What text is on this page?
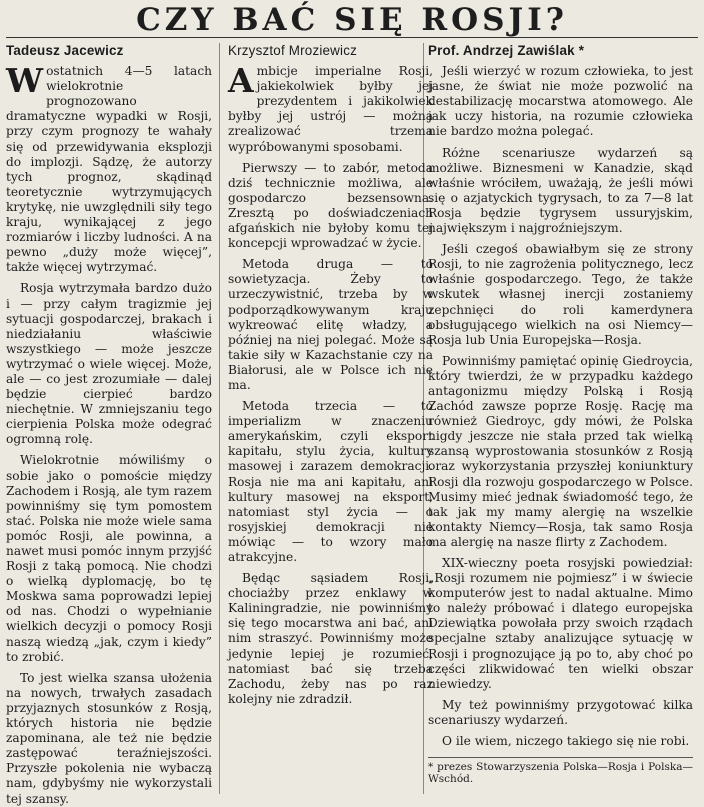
CZY BAĆ SIĘ ROSJI?
Tadeusz Jacewicz

Wostatnich 4—5 latach wielokrotnie prognozowano dramatyczne wypadki w Rosji, przy czym prognozy te wahały się od przewidywania eksplozji do implozji. Sądzę, że autorzy tych prognoz, skądinąd teoretycznie wytrzymujących krytykę, nie uwzględnili siły tego kraju, wynikającej z jego rozmiarów i liczby ludności. A na pewno „duży może więcej”, także więcej wytrzymać.

Rosja wytrzymała bardzo dużo i — przy całym tragizmie jej sytuacji gospodarczej, brakach i niedziałaniu właściwie wszystkiego — może jeszcze wytrzymać o wiele więcej. Może, ale — co jest zrozumiałe — dalej będzie cierpieć bardzo niechętnie. W zmniejszaniu tego cierpienia Polska może odegrać ogromną rolę.

Wielokrotnie mówiliśmy o sobie jako o pomoście między Zachodem i Rosją, ale tym razem powinniśmy się tym pomostem stać. Polska nie może wiele sama pomóc Rosji, ale powinna, a nawet musi pomóc innym przyjść Rosji z taką pomocą. Nie chodzi o wielką dyplomację, bo tę Moskwa sama poprowadzi lepiej od nas. Chodzi o wypełnianie wielkich decyzji o pomocy Rosji naszą wiedzą „jak, czym i kiedy” to zrobić.

To jest wielka szansa ułożenia na nowych, trwałych zasadach przyjaznych stosunków z Rosją, których historia nie będzie zapominana, ale też nie będzie zastępować teraźniejszości. Przyszłe pokolenia nie wybaczą nam, gdybyśmy nie wykorzystali tej szansy.

Krzysztof Mroziewicz

Ambicje imperialne Rosji, jakiekolwiek byłby jej prezydentem i jakikolwiek byłby jej ustrój — można zrealizować trzema wypróbowanymi sposobami.

Pierwszy — to zabór, metoda dziś technicznie możliwa, ale gospodarczo bezsensowna. Zresztą po doświadczeniach afgańskich nie byłoby komu tej koncepcji wprowadzać w życie.

Metoda druga — to sowietyzacja. Żeby to urzeczywistnić, trzeba by w podporządkowywanym kraju wykreować elitę władzy, a później na niej polegać. Może są takie siły w Kazachstanie czy na Białorusi, ale w Polsce ich nie ma.

Metoda trzecia — to imperializm w znaczeniu amerykańskim, czyli eksport kapitału, stylu życia, kultury masowej i zarazem demokracji. Rosja nie ma ani kapitału, ani kultury masowej na eksport, natomiast styl życia — o rosyjskiej demokracji nie mówiąc — to wzory mało atrakcyjne.

Będąc sąsiadem Rosji, chociażby przez enklawy w Kaliningradzie, nie powinniśmy się tego mocarstwa ani bać, ani nim straszyć. Powinniśmy może jedynie lepiej je rozumieć, natomiast bać się trzeba Zachodu, żeby nas po raz kolejny nie zdradził.

Prof. Andrzej Zawiślak *

Jeśli wierzyć w rozum człowieka, to jest jasne, że świat nie może pozwolić na destabilizację mocarstwa atomowego. Ale jak uczy historia, na rozumie człowieka nie bardzo można polegać.

Różne scenariusze wydarzeń są możliwe. Biznesmeni w Kanadzie, skąd właśnie wróciłem, uważają, że jeśli mówi się o azjatyckich tygrysach, to za 7—8 lat Rosja będzie tygrysem ussuryjskim, największym i najgroźniejszym.

Jeśli czegoś obawiałbym się ze strony Rosji, to nie zagrożenia politycznego, lecz właśnie gospodarczego. Tego, że także wskutek własnej inercji zostaniemy zepchnięci do roli kamerdynera obsługującego wielkich na osi Niemcy—Rosja lub Unia Europejska—Rosja.

Powinniśmy pamiętać opinię Giedroycia, który twierdzi, że w przypadku każdego antagonizmu między Polską i Rosją Zachód zawsze poprze Rosję. Rację ma również Giedroyc, gdy mówi, że Polska nigdy jeszcze nie stała przed tak wielką szansą wyprostowania stosunków z Rosją oraz wykorzystania przyszłej koniunktury Rosji dla rozwoju gospodarczego w Polsce. Musimy mieć jednak świadomość tego, że tak jak my mamy alergię na wszelkie kontakty Niemcy—Rosja, tak samo Rosja ma alergię na nasze flirty z Zachodem.

XIX-wieczny poeta rosyjski powiedział: „Rosji rozumem nie pojmiesz” i w świecie komputerów jest to nadal aktualne. Mimo to należy próbować i dlatego europejska Dziewiątka powołała przy swoich rządach specjalne sztaby analizujące sytuację w Rosji i prognozujące ją po to, aby choć po części zlikwidować ten wielki obszar niewiedzy.

My też powinniśmy przygotować kilka scenariuszy wydarzeń.

O ile wiem, niczego takiego się nie robi.

* prezes Stowarzyszenia Polska—Rosja i Polska—Wschód.
